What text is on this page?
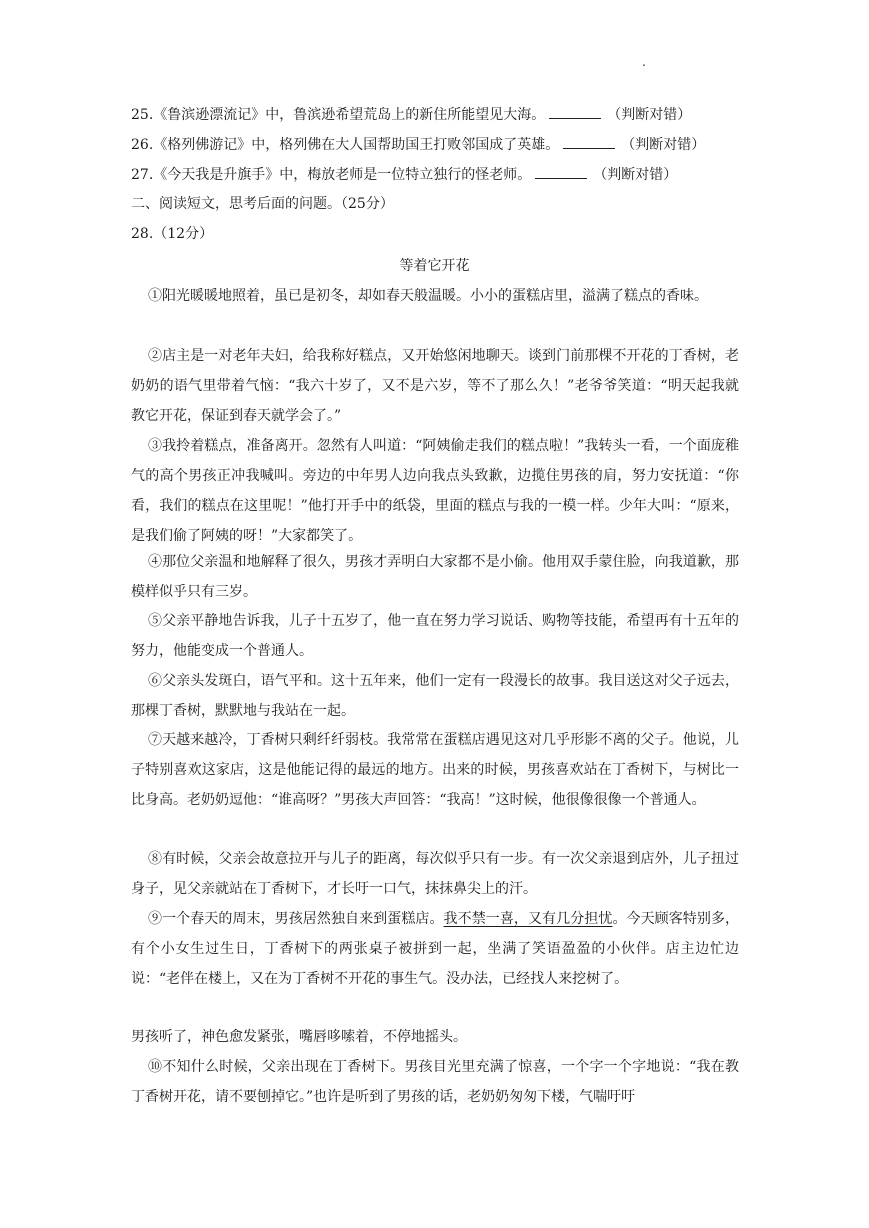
.
25.《鲁滨逊漂流记》中，鲁滨逊希望荒岛上的新住所能望见大海。	（判断对错）
26.《格列佛游记》中，格列佛在大人国帮助国王打败邻国成了英雄。	（判断对错）
27.《今天我是升旗手》中，梅放老师是一位特立独行的怪老师。	（判断对错）
二、阅读短文，思考后面的问题。（25分）
28.（12分）
等着它开花
①阳光暖暖地照着，虽已是初冬，却如春天般温暖。小小的蛋糕店里，溢满了糕点的香味。
②店主是一对老年夫妇，给我称好糕点，又开始悠闲地聊天。谈到门前那棵不开花的丁香树，老奶奶的语气里带着气恼：“我六十岁了，又不是六岁，等不了那么久！”老爷爷笑道：“明天起我就教它开花，保证到春天就学会了。”
③我拎着糕点，准备离开。忽然有人叫道：“阿姨偷走我们的糕点啦！”我转头一看，一个面庞稚气的高个男孩正冲我喊叫。旁边的中年男人边向我点头致歉，边揽住男孩的肩，努力安抚道：“你看，我们的糕点在这里呢！”他打开手中的纸袋，里面的糕点与我的一模一样。少年大叫：“原来，是我们偷了阿姨的呀！”大家都笑了。
④那位父亲温和地解释了很久，男孩才弄明白大家都不是小偷。他用双手蒙住脸，向我道歉，那模样似乎只有三岁。
⑤父亲平静地告诉我，儿子十五岁了，他一直在努力学习说话、购物等技能，希望再有十五年的努力，他能变成一个普通人。
⑥父亲头发斑白，语气平和。这十五年来，他们一定有一段漫长的故事。我目送这对父子远去，那棵丁香树，默默地与我站在一起。
⑦天越来越冷，丁香树只剩纤纤弱枝。我常常在蛋糕店遇见这对几乎形影不离的父子。他说，儿子特别喜欢这家店，这是他能记得的最远的地方。出来的时候，男孩喜欢站在丁香树下，与树比一比身高。老奶奶逗他：“谁高呀？”男孩大声回答：“我高！”这时候，他很像很像一个普通人。
⑧有时候，父亲会故意拉开与儿子的距离，每次似乎只有一步。有一次父亲退到店外，儿子扭过身子，见父亲就站在丁香树下，才长吁一口气，抹抹鼻尖上的汗。
⑨一个春天的周末，男孩居然独自来到蛋糕店。我不禁一喜，又有几分担忧。今天顾客特别多，有个小女生过生日，丁香树下的两张桌子被拼到一起，坐满了笑语盈盈的小伙伴。店主边忙边说：“老伴在楼上，又在为丁香树不开花的事生气。没办法，已经找人来挖树了。
男孩听了，神色愈发紧张，嘴唇哆嗦着，不停地摇头。
⑩不知什么时候，父亲出现在丁香树下。男孩目光里充满了惊喜，一个字一个字地说：“我在教丁香树开花，请不要刨掉它。”也许是听到了男孩的话，老奶奶匆匆下楼，气喘吁吁
